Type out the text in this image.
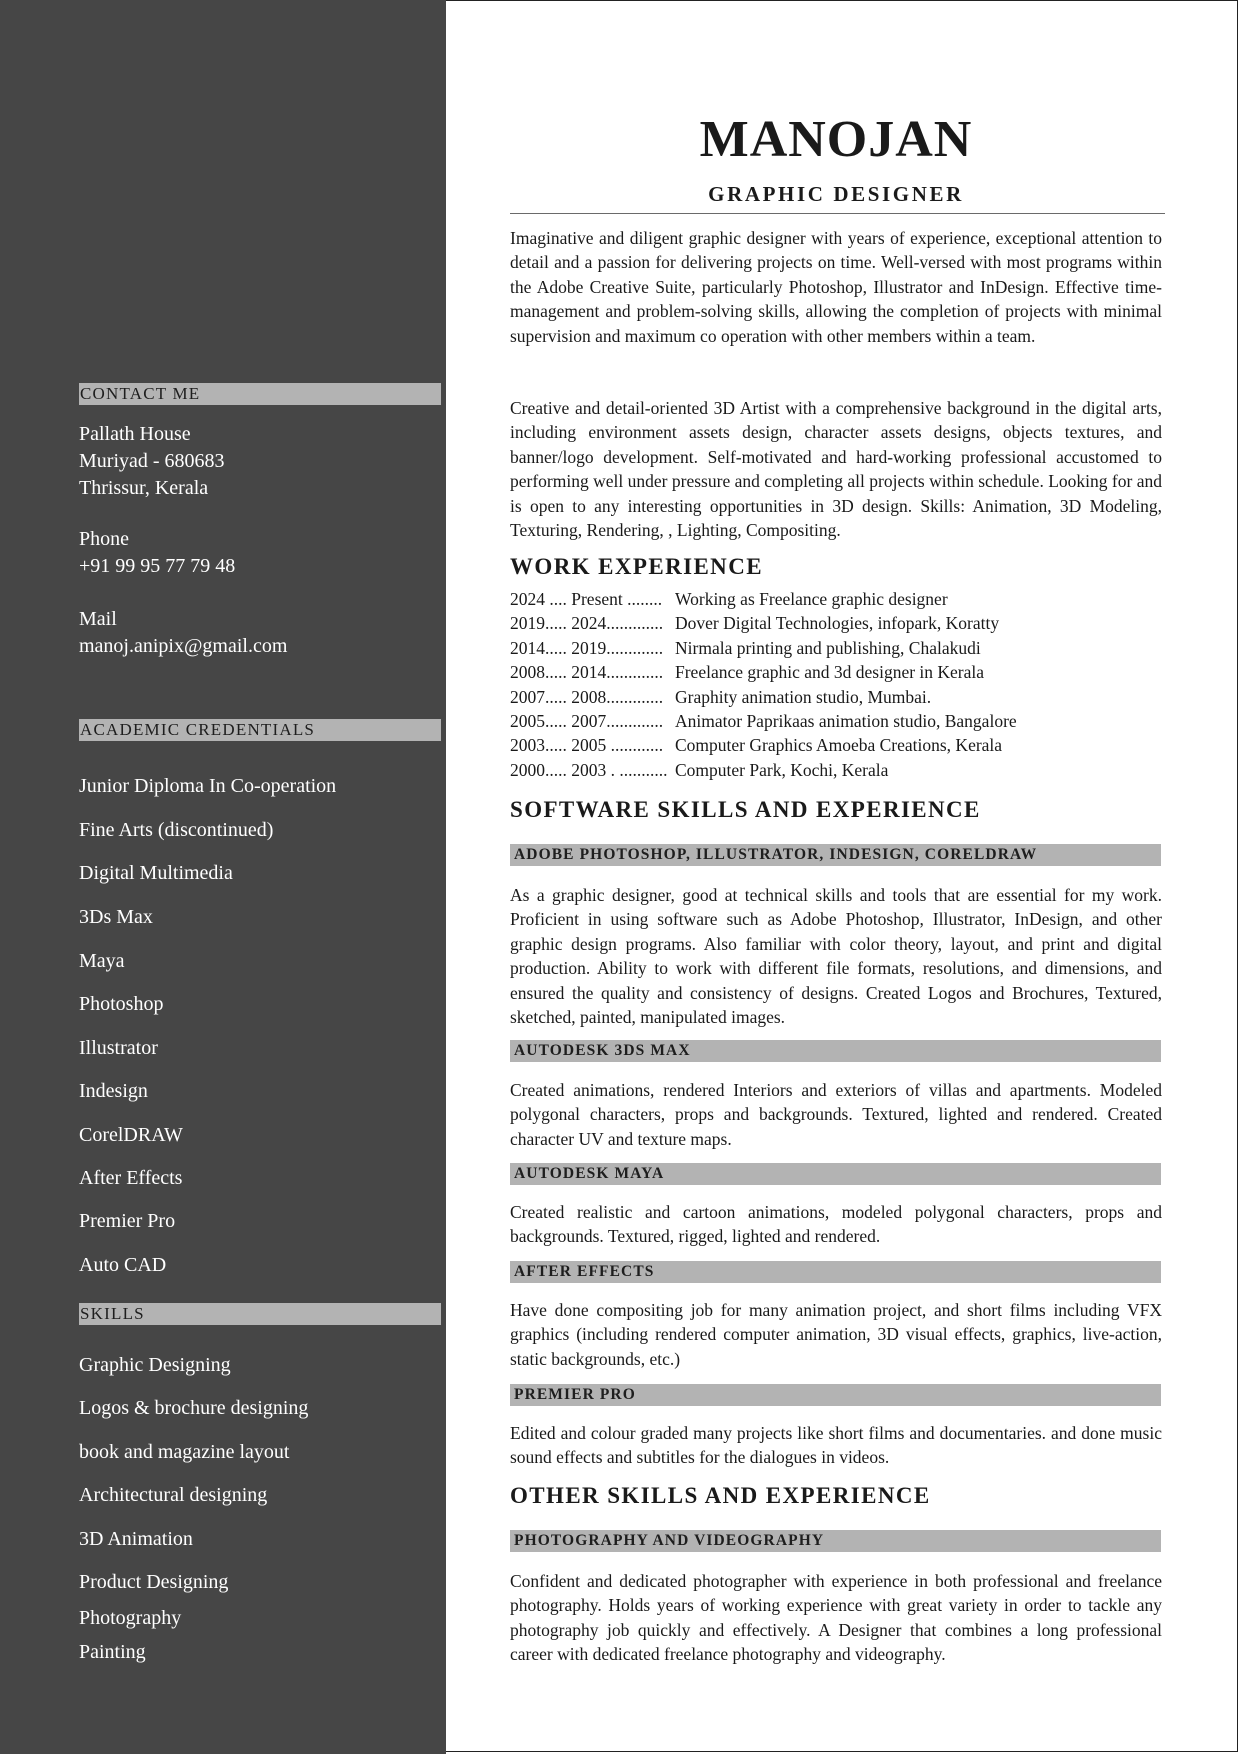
CONTACT ME
Pallath House
Muriyad - 680683
Thrissur, Kerala
Phone
+91 99 95 77 79 48
Mail
manoj.anipix@gmail.com
ACADEMIC CREDENTIALS
Junior Diploma In Co-operation
Fine Arts (discontinued)
Digital Multimedia
3Ds Max
Maya
Photoshop
Illustrator
Indesign
CorelDRAW
After Effects
Premier Pro
Auto CAD
SKILLS
Graphic Designing
Logos & brochure designing
book and magazine layout
Architectural designing
3D Animation
Product Designing
Photography
Painting
MANOJAN
GRAPHIC DESIGNER

Imaginative and diligent graphic designer with years of experience, exceptional attention to detail and a passion for delivering projects on time. Well-versed with most programs within the Adobe Creative Suite, particularly Photoshop, Illustrator and InDesign. Effective time-management and problem-solving skills, allowing the completion of projects with minimal supervision and maximum co operation with other members within a team.

Creative and detail-oriented 3D Artist with a comprehensive background in the digital arts, including environment assets design, character assets designs, objects textures, and banner/logo development. Self-motivated and hard-working professional accustomed to performing well under pressure and completing all projects within schedule. Looking for and is open to any interesting opportunities in 3D design. Skills: Animation, 3D Modeling, Texturing, Rendering, , Lighting, Compositing.

WORK EXPERIENCE
2024 .... Present ........ Working as Freelance graphic designer
2019..... 2024............. Dover Digital Technologies, infopark, Koratty
2014..... 2019............. Nirmala printing and publishing, Chalakudi
2008..... 2014............. Freelance graphic and 3d designer in Kerala
2007..... 2008............. Graphity animation studio, Mumbai.
2005..... 2007............. Animator Paprikaas animation studio, Bangalore
2003..... 2005 ............ Computer Graphics Amoeba Creations, Kerala
2000..... 2003 . ........... Computer Park, Kochi, Kerala
SOFTWARE SKILLS AND EXPERIENCE
ADOBE PHOTOSHOP, ILLUSTRATOR, INDESIGN, CORELDRAW

As a graphic designer, good at technical skills and tools that are essential for my work. Proficient in using software such as Adobe Photoshop, Illustrator, InDesign, and other graphic design programs. Also familiar with color theory, layout, and print and digital production. Ability to work with different file formats, resolutions, and dimensions, and ensured the quality and consistency of designs. Created Logos and Brochures, Textured, sketched, painted, manipulated images.

AUTODESK 3DS MAX

Created animations, rendered Interiors and exteriors of villas and apartments. Modeled polygonal characters, props and backgrounds. Textured, lighted and rendered. Created character UV and texture maps.

AUTODESK MAYA

Created realistic and cartoon animations, modeled polygonal characters, props and backgrounds. Textured, rigged, lighted and rendered.

AFTER EFFECTS

Have done compositing job for many animation project, and short films including VFX graphics (including rendered computer animation, 3D visual effects, graphics, live-action, static backgrounds, etc.)

PREMIER PRO

Edited and colour graded many projects like short films and documentaries. and done music sound effects and subtitles for the dialogues in videos.

OTHER SKILLS AND EXPERIENCE
PHOTOGRAPHY AND VIDEOGRAPHY

Confident and dedicated photographer with experience in both professional and freelance photography. Holds years of working experience with great variety in order to tackle any photography job quickly and effectively. A Designer that combines a long professional career with dedicated freelance photography and videography.
